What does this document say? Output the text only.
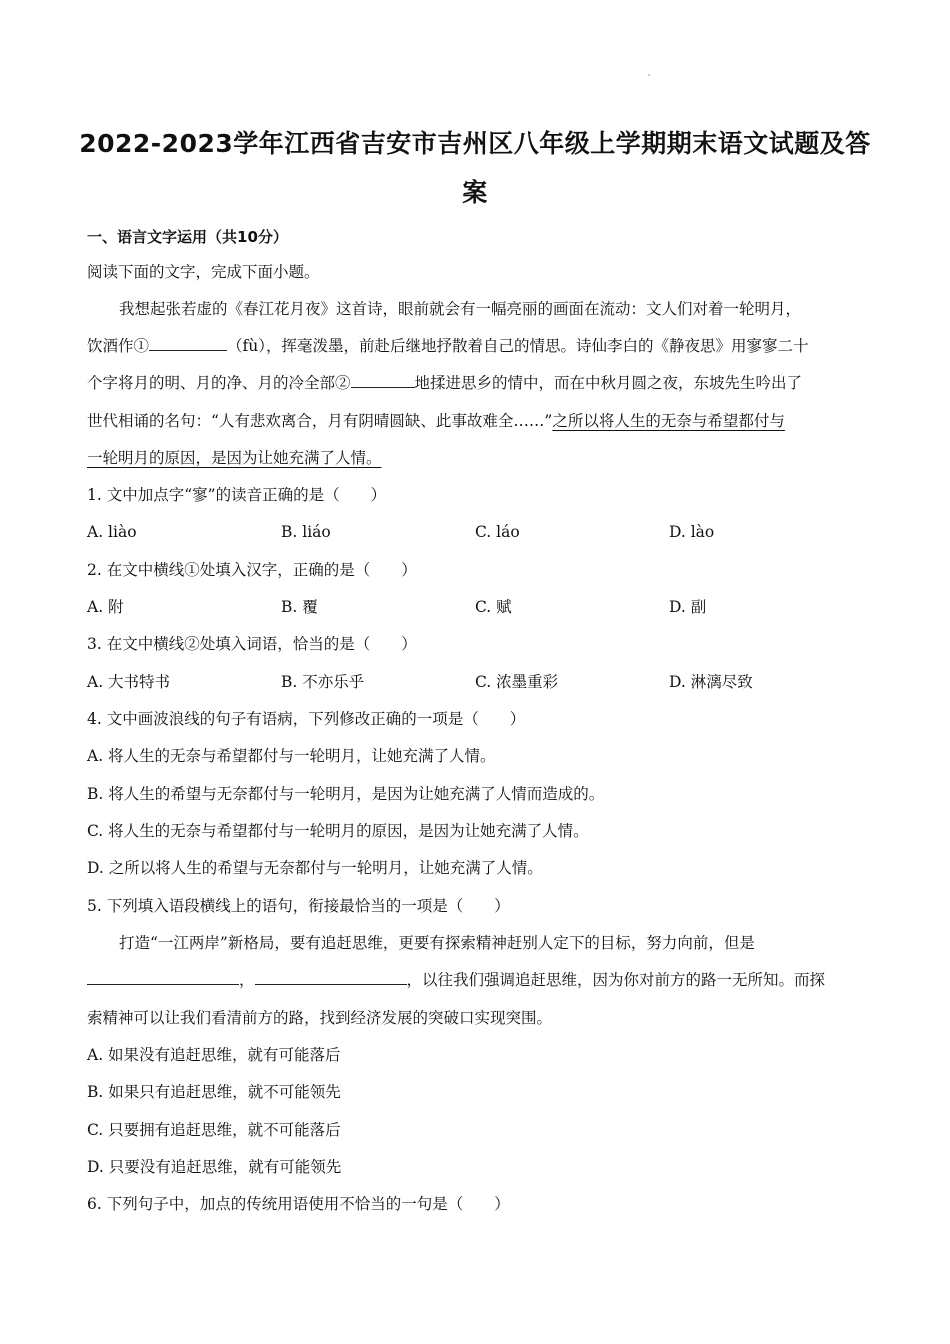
2022-2023学年江西省吉安市吉州区八年级上学期期末语文试题及答
案
一、语言文字运用（共10分）
阅读下面的文字，完成下面小题。
我想起张若虚的《春江花月夜》这首诗，眼前就会有一幅亮丽的画面在流动：文人们对着一轮明月，
饮酒作①	（fù），挥毫泼墨，前赴后继地抒散着自己的情思。诗仙李白的《静夜思》用寥寥二十
个字将月的明、月的净、月的冷全部②	地揉进思乡的情中，而在中秋月圆之夜，东坡先生吟出了
世代相诵的名句：“人有悲欢离合，月有阴晴圆缺、此事故难全……”之所以将人生的无奈与希望都付与
一轮明月的原因，是因为让她充满了人情。
1. 文中加点字“寥”的读音正确的是（　　）
A. liào	B. liáo	C. láo	D. lào
2. 在文中横线①处填入汉字，正确的是（　　）
A. 附	B. 覆	C. 赋	D. 副
3. 在文中横线②处填入词语，恰当的是（　　）
A. 大书特书	B. 不亦乐乎	C. 浓墨重彩	D. 淋漓尽致
4. 文中画波浪线的句子有语病，下列修改正确的一项是（　　）
A. 将人生的无奈与希望都付与一轮明月，让她充满了人情。
B. 将人生的希望与无奈都付与一轮明月，是因为让她充满了人情而造成的。
C. 将人生的无奈与希望都付与一轮明月的原因，是因为让她充满了人情。
D. 之所以将人生的希望与无奈都付与一轮明月，让她充满了人情。
5. 下列填入语段横线上的语句，衔接最恰当的一项是（　　）
打造“一江两岸”新格局，要有追赶思维，更要有探索精神赶别人定下的目标，努力向前，但是
，	，以往我们强调追赶思维，因为你对前方的路一无所知。而探
索精神可以让我们看清前方的路，找到经济发展的突破口实现突围。
A. 如果没有追赶思维，就有可能落后
B. 如果只有追赶思维，就不可能领先
C. 只要拥有追赶思维，就不可能落后
D. 只要没有追赶思维，就有可能领先
6. 下列句子中，加点的传统用语使用不恰当的一句是（　　）
